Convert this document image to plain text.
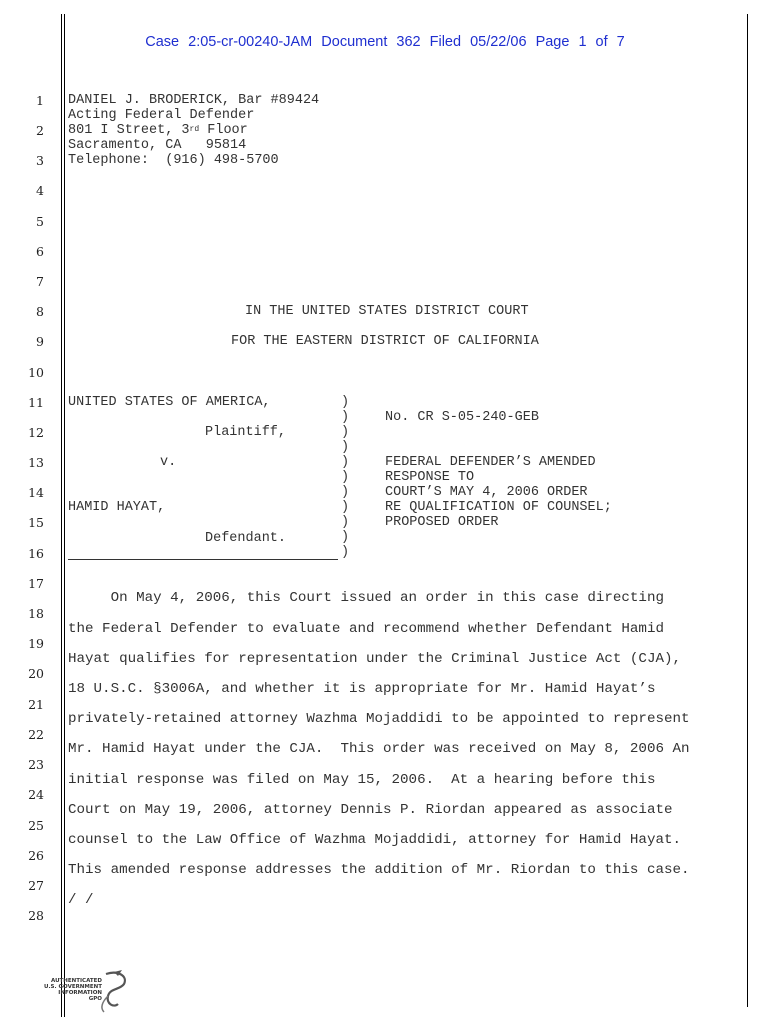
Case 2:05-cr-00240-JAM Document 362 Filed 05/22/06 Page 1 of 7
1
2
3
4
5
6
7
8
9
10
11
12
13
14
15
16
17
18
19
20
21
22
23
24
25
26
27
28
DANIEL J. BRODERICK, Bar #89424
Acting Federal Defender
801 I Street, 3rd Floor
Sacramento, CA   95814
Telephone:  (916) 498-5700
IN THE UNITED STATES DISTRICT COURT
FOR THE EASTERN DISTRICT OF CALIFORNIA
UNITED STATES OF AMERICA,
Plaintiff,
v.
HAMID HAYAT,
Defendant.
)
)
)
)
)
)
)
)
)
)
)
No. CR S-05-240-GEB
FEDERAL DEFENDER’S AMENDED
RESPONSE TO
COURT’S MAY 4, 2006 ORDER
RE QUALIFICATION OF COUNSEL;
PROPOSED ORDER
On May 4, 2006, this Court issued an order in this case directing
the Federal Defender to evaluate and recommend whether Defendant Hamid
Hayat qualifies for representation under the Criminal Justice Act (CJA),
18 U.S.C. §3006A, and whether it is appropriate for Mr. Hamid Hayat’s
privately-retained attorney Wazhma Mojaddidi to be appointed to represent
Mr. Hamid Hayat under the CJA.  This order was received on May 8, 2006 An
initial response was filed on May 15, 2006.  At a hearing before this
Court on May 19, 2006, attorney Dennis P. Riordan appeared as associate
counsel to the Law Office of Wazhma Mojaddidi, attorney for Hamid Hayat.
This amended response addresses the addition of Mr. Riordan to this case.
/ /
AUTHENTICATED U.S. GOVERNMENT INFORMATION GPO
